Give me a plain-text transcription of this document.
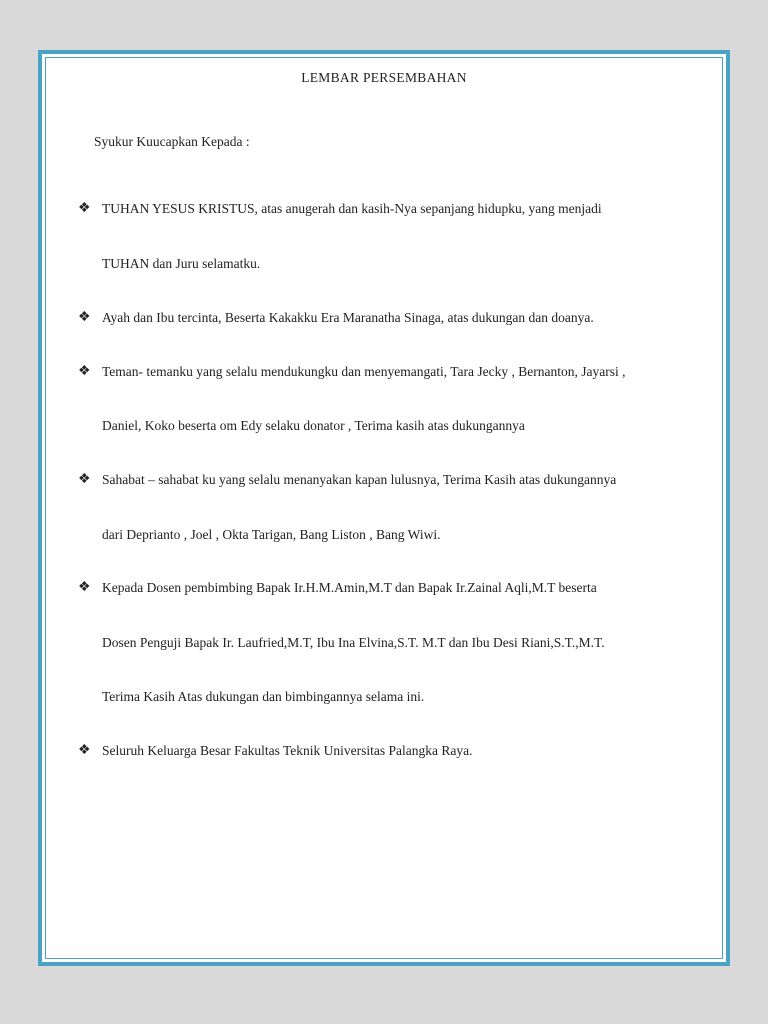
LEMBAR PERSEMBAHAN
Syukur Kuucapkan Kepada :
❖ TUHAN YESUS KRISTUS, atas anugerah dan kasih-Nya sepanjang hidupku, yang menjadi
TUHAN dan Juru selamatku.
❖ Ayah dan Ibu tercinta, Beserta Kakakku Era Maranatha Sinaga, atas dukungan dan doanya.
❖ Teman- temanku yang selalu mendukungku dan menyemangati, Tara Jecky , Bernanton, Jayarsi ,
Daniel, Koko beserta om Edy selaku donator , Terima kasih atas dukungannya
❖ Sahabat – sahabat ku yang selalu menanyakan kapan lulusnya, Terima Kasih atas dukungannya
dari Deprianto , Joel , Okta Tarigan, Bang Liston , Bang Wiwi.
❖ Kepada Dosen pembimbing Bapak Ir.H.M.Amin,M.T dan Bapak Ir.Zainal Aqli,M.T beserta
Dosen Penguji Bapak Ir. Laufried,M.T, Ibu Ina Elvina,S.T. M.T dan Ibu Desi Riani,S.T.,M.T.
Terima Kasih Atas dukungan dan bimbingannya selama ini.
❖ Seluruh Keluarga Besar Fakultas Teknik Universitas Palangka Raya.
